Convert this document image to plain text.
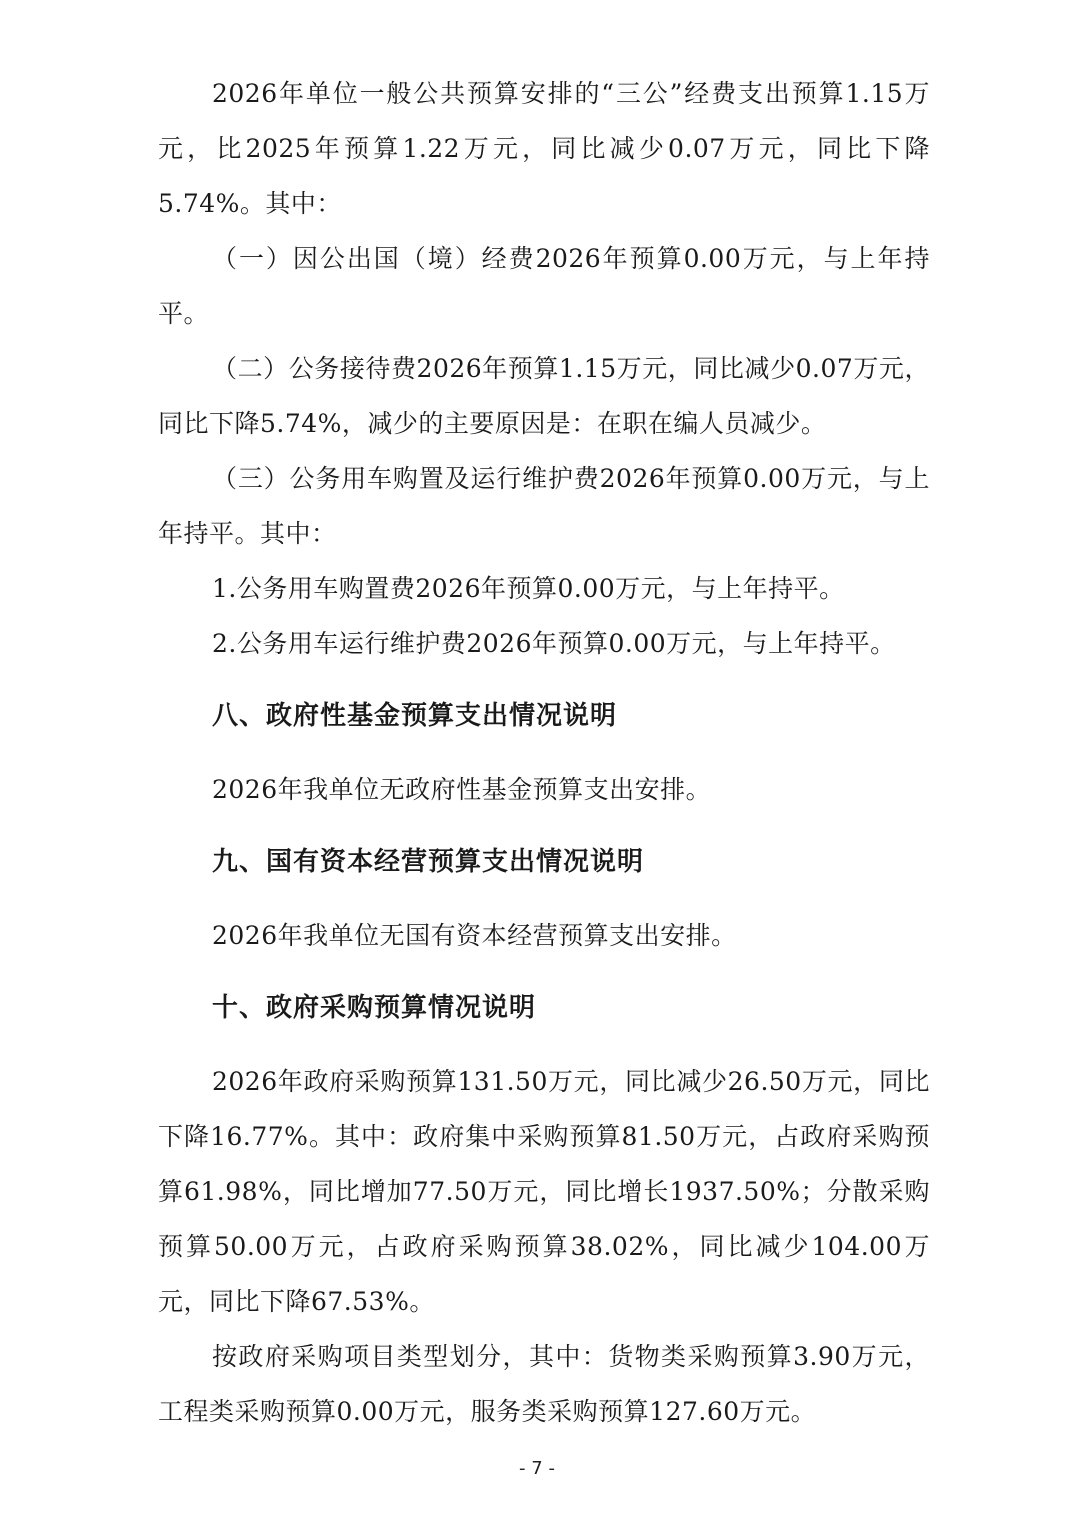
2026年单位一般公共预算安排的“三公”经费支出预算1.15万元，比2025年预算1.22万元，同比减少0.07万元，同比下降5.74%。其中：

（一）因公出国（境）经费2026年预算0.00万元，与上年持平。

（二）公务接待费2026年预算1.15万元，同比减少0.07万元，同比下降5.74%，减少的主要原因是：在职在编人员减少。

（三）公务用车购置及运行维护费2026年预算0.00万元，与上年持平。其中：

1.公务用车购置费2026年预算0.00万元，与上年持平。

2.公务用车运行维护费2026年预算0.00万元，与上年持平。

八、政府性基金预算支出情况说明

2026年我单位无政府性基金预算支出安排。

九、国有资本经营预算支出情况说明

2026年我单位无国有资本经营预算支出安排。

十、政府采购预算情况说明

2026年政府采购预算131.50万元，同比减少26.50万元，同比下降16.77%。其中：政府集中采购预算81.50万元，占政府采购预算61.98%，同比增加77.50万元，同比增长1937.50%；分散采购预算50.00万元，占政府采购预算38.02%，同比减少104.00万元，同比下降67.53%。

按政府采购项目类型划分，其中：货物类采购预算3.90万元，工程类采购预算0.00万元，服务类采购预算127.60万元。

- 7 -
